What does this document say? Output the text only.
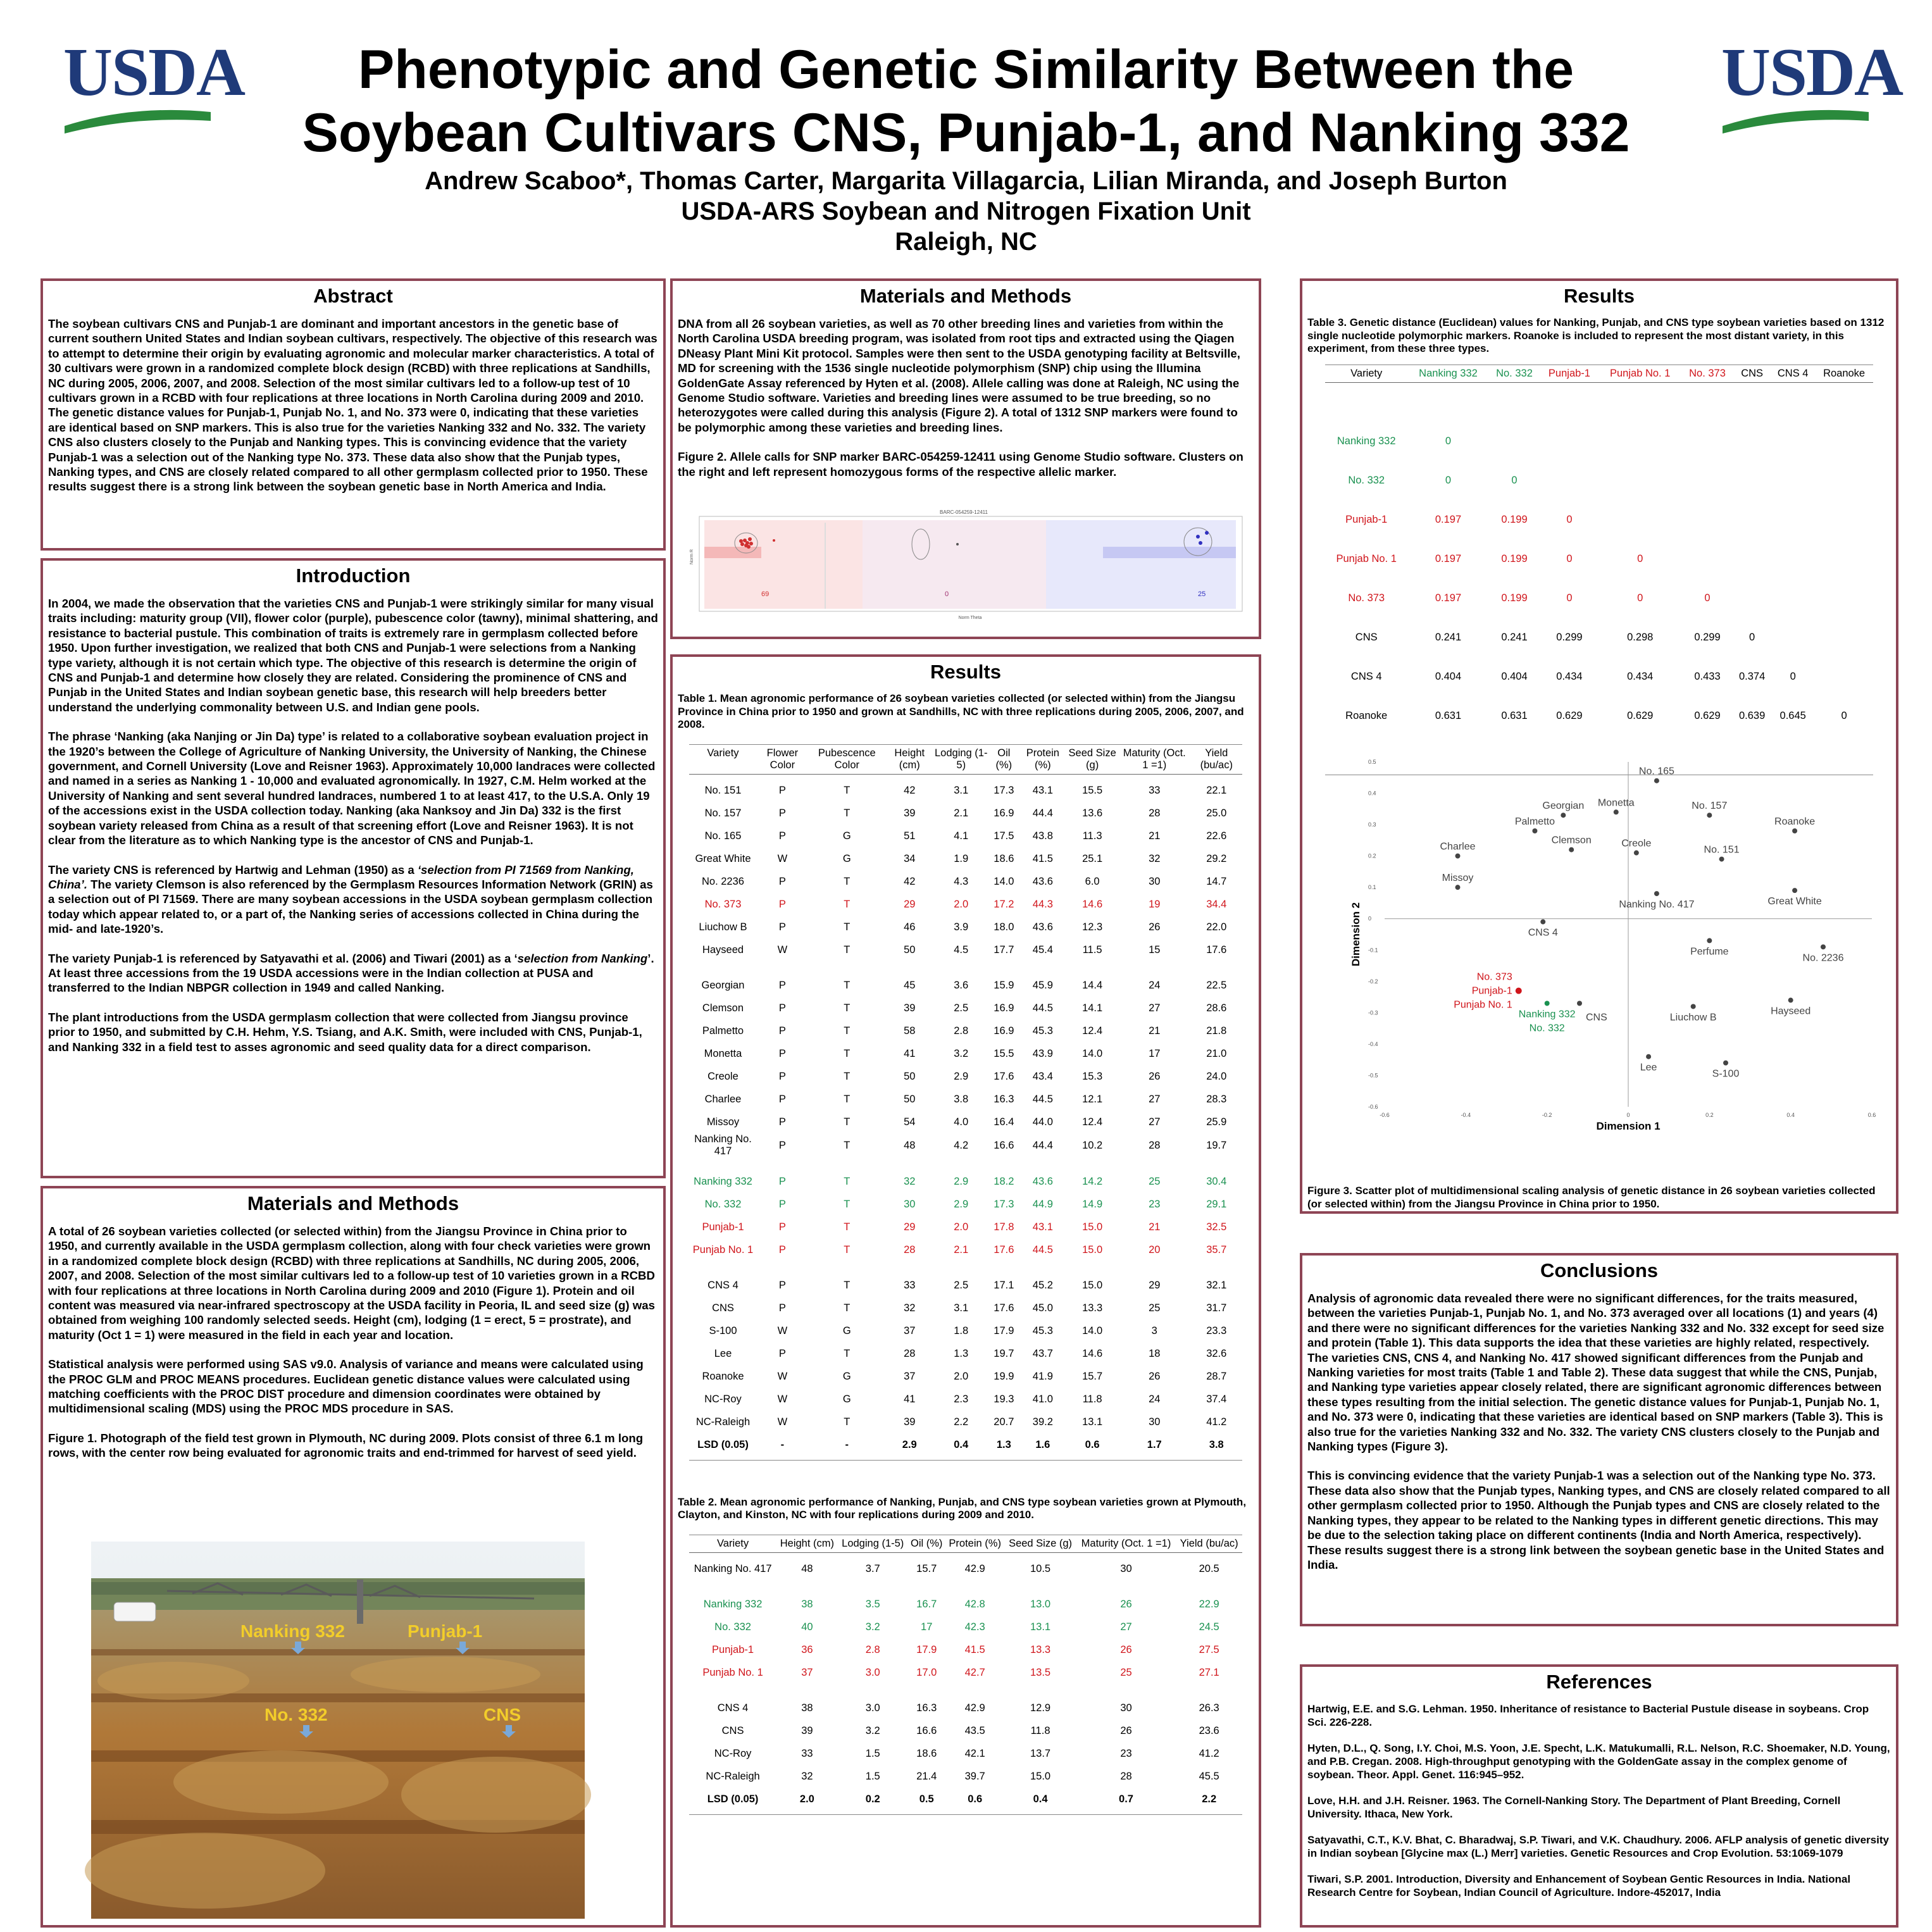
USDA	USDA
Phenotypic and Genetic Similarity Between the
Soybean Cultivars CNS, Punjab-1, and Nanking 332
Andrew Scaboo*, Thomas Carter, Margarita Villagarcia, Lilian Miranda, and Joseph Burton
USDA-ARS Soybean and Nitrogen Fixation Unit
Raleigh, NC
Abstract
The soybean cultivars CNS and Punjab-1 are dominant and important ancestors in the genetic base of current southern United States and Indian soybean cultivars, respectively. The objective of this research was to attempt to determine their origin by evaluating agronomic and molecular marker characteristics. A total of 30 cultivars were grown in a randomized complete block design (RCBD) with three replications at Sandhills, NC during 2005, 2006, 2007, and 2008. Selection of the most similar cultivars led to a follow-up test of 10 cultivars grown in a RCBD with four replications at three locations in North Carolina during 2009 and 2010. The genetic distance values for Punjab-1, Punjab No. 1, and No. 373 were 0, indicating that these varieties are identical based on SNP markers. This is also true for the varieties Nanking 332 and No. 332. The variety CNS also clusters closely to the Punjab and Nanking types. This is convincing evidence that the variety Punjab-1 was a selection out of the Nanking type No. 373. These data also show that the Punjab types, Nanking types, and CNS are closely related compared to all other germplasm collected prior to 1950. These results suggest there is a strong link between the soybean genetic base in North America and India.
Introduction

In 2004, we made the observation that the varieties CNS and Punjab-1 were strikingly similar for many visual traits including: maturity group (VII), flower color (purple), pubescence color (tawny), minimal shattering, and resistance to bacterial pustule. This combination of traits is extremely rare in germplasm collected before 1950. Upon further investigation, we realized that both CNS and Punjab-1 were selections from a Nanking type variety, although it is not certain which type. The objective of this research is determine the origin of CNS and Punjab-1 and determine how closely they are related. Considering the prominence of CNS and Punjab in the United States and Indian soybean genetic base, this research will help breeders better understand the underlying commonality between U.S. and Indian gene pools.

The phrase ‘Nanking (aka Nanjing or Jin Da) type’ is related to a collaborative soybean evaluation project in the 1920’s between the College of Agriculture of Nanking University, the University of Nanking, the Chinese government, and Cornell University (Love and Reisner 1963). Approximately 10,000 landraces were collected and named in a series as Nanking 1 - 10,000 and evaluated agronomically. In 1927, C.M. Helm worked at the University of Nanking and sent several hundred landraces, numbered 1 to at least 417, to the U.S.A. Only 19 of the accessions exist in the USDA collection today. Nanking (aka Nanksoy and Jin Da) 332 is the first soybean variety released from China as a result of that screening effort (Love and Reisner 1963). It is not clear from the literature as to which Nanking type is the ancestor of CNS and Punjab-1.

The variety CNS is referenced by Hartwig and Lehman (1950) as a ‘selection from PI 71569 from Nanking, China’. The variety Clemson is also referenced by the Germplasm Resources Information Network (GRIN) as a selection out of PI 71569. There are many soybean accessions in the USDA soybean germplasm collection today which appear related to, or a part of, the Nanking series of accessions collected in China during the mid- and late-1920’s.

The variety Punjab-1 is referenced by Satyavathi et al. (2006) and Tiwari (2001) as a ‘selection from Nanking’. At least three accessions from the 19 USDA accessions were in the Indian collection at PUSA and transferred to the Indian NBPGR collection in 1949 and called Nanking.

The plant introductions from the USDA germplasm collection that were collected from Jiangsu province prior to 1950, and submitted by C.H. Hehm, Y.S. Tsiang, and A.K. Smith, were included with CNS, Punjab-1, and Nanking 332 in a field test to asses agronomic and seed quality data for a direct comparison.

Materials and Methods

A total of 26 soybean varieties collected (or selected within) from the Jiangsu Province in China prior to 1950, and currently available in the USDA germplasm collection, along with four check varieties were grown in a randomized complete block design (RCBD) with three replications at Sandhills, NC during 2005, 2006, 2007, and 2008. Selection of the most similar cultivars led to a follow-up test of 10 varieties grown in a RCBD with four replications at three locations in North Carolina during 2009 and 2010 (Figure 1). Protein and oil content was measured via near-infrared spectroscopy at the USDA facility in Peoria, IL and seed size (g) was obtained from weighing 100 randomly selected seeds. Height (cm), lodging (1 = erect, 5 = prostrate), and maturity (Oct 1 = 1) were measured in the field in each year and location.

Statistical analysis were performed using SAS v9.0. Analysis of variance and means were calculated using the PROC GLM and PROC MEANS procedures. Euclidean genetic distance values were calculated using matching coefficients with the PROC DIST procedure and dimension coordinates were obtained by multidimensional scaling (MDS) using the PROC MDS procedure in SAS.

Figure 1. Photograph of the field test grown in Plymouth, NC during 2009. Plots consist of three 6.1 m long rows, with the center row being evaluated for agronomic traits and end-trimmed for harvest of seed yield.

Nanking 332	Punjab-1
No. 332	CNS
Materials and Methods

DNA from all 26 soybean varieties, as well as 70 other breeding lines and varieties from within the North Carolina USDA breeding program, was isolated from root tips and extracted using the Qiagen DNeasy Plant Mini Kit protocol. Samples were then sent to the USDA genotyping facility at Beltsville, MD for screening with the 1536 single nucleotide polymorphism (SNP) chip using the Illumina GoldenGate Assay referenced by Hyten et al. (2008). Allele calling was done at Raleigh, NC using the Genome Studio software. Varieties and breeding lines were assumed to be true breeding, so no heterozygotes were called during this analysis (Figure 2). A total of 1312 SNP markers were found to be polymorphic among these varieties and breeding lines.

Figure 2. Allele calls for SNP marker BARC-054259-12411 using Genome Studio software. Clusters on the right and left represent homozygous forms of the respective allelic marker.

BARC-054259-12411
69	0	25
Norm Theta
Norm R
Results
Table 1. Mean agronomic performance of 26 soybean varieties collected (or selected within) from the Jiangsu Province in China prior to 1950 and grown at Sandhills, NC with three replications during 2005, 2006, 2007, and 2008.
Variety	Flower Color	Pubescence Color	Height (cm)	Lodging (1-5)	Oil (%)	Protein (%)	Seed Size (g)	Maturity (Oct. 1 =1)	Yield (bu/ac)

No. 151	P	T	42	3.1	17.3	43.1	15.5	33	22.1
No. 157	P	T	39	2.1	16.9	44.4	13.6	28	25.0
No. 165	P	G	51	4.1	17.5	43.8	11.3	21	22.6
Great White	W	G	34	1.9	18.6	41.5	25.1	32	29.2
No. 2236	P	T	42	4.3	14.0	43.6	6.0	30	14.7
No. 373	P	T	29	2.0	17.2	44.3	14.6	19	34.4
Liuchow B	P	T	46	3.9	18.0	43.6	12.3	26	22.0
Hayseed	W	T	50	4.5	17.7	45.4	11.5	15	17.6

Georgian	P	T	45	3.6	15.9	45.9	14.4	24	22.5
Clemson	P	T	39	2.5	16.9	44.5	14.1	27	28.6
Palmetto	P	T	58	2.8	16.9	45.3	12.4	21	21.8
Monetta	P	T	41	3.2	15.5	43.9	14.0	17	21.0
Creole	P	T	50	2.9	17.6	43.4	15.3	26	24.0
Charlee	P	T	50	3.8	16.3	44.5	12.1	27	28.3
Missoy	P	T	54	4.0	16.4	44.0	12.4	27	25.9
Nanking No. 417	P	T	48	4.2	16.6	44.4	10.2	28	19.7

Nanking 332	P	T	32	2.9	18.2	43.6	14.2	25	30.4
No. 332	P	T	30	2.9	17.3	44.9	14.9	23	29.1
Punjab-1	P	T	29	2.0	17.8	43.1	15.0	21	32.5
Punjab No. 1	P	T	28	2.1	17.6	44.5	15.0	20	35.7

CNS 4	P	T	33	2.5	17.1	45.2	15.0	29	32.1
CNS	P	T	32	3.1	17.6	45.0	13.3	25	31.7
S-100	W	G	37	1.8	17.9	45.3	14.0	3	23.3
Lee	P	T	28	1.3	19.7	43.7	14.6	18	32.6
Roanoke	W	G	37	2.0	19.9	41.9	15.7	26	28.7
NC-Roy	W	G	41	2.3	19.3	41.0	11.8	24	37.4
NC-Raleigh	W	T	39	2.2	20.7	39.2	13.1	30	41.2
LSD (0.05)	-	-	2.9	0.4	1.3	1.6	0.6	1.7	3.8

Table 2. Mean agronomic performance of Nanking, Punjab, and CNS type soybean varieties grown at Plymouth, Clayton, and Kinston, NC with four replications during 2009 and 2010.
Variety	Height (cm)	Lodging (1-5)	Oil (%)	Protein (%)	Seed Size (g)	Maturity (Oct. 1 =1)	Yield (bu/ac)

Nanking No. 417	48	3.7	15.7	42.9	10.5	30	20.5

Nanking 332	38	3.5	16.7	42.8	13.0	26	22.9
No. 332	40	3.2	17	42.3	13.1	27	24.5
Punjab-1	36	2.8	17.9	41.5	13.3	26	27.5
Punjab No. 1	37	3.0	17.0	42.7	13.5	25	27.1

CNS 4	38	3.0	16.3	42.9	12.9	30	26.3
CNS	39	3.2	16.6	43.5	11.8	26	23.6
NC-Roy	33	1.5	18.6	42.1	13.7	23	41.2
NC-Raleigh	32	1.5	21.4	39.7	15.0	28	45.5
LSD (0.05)	2.0	0.2	0.5	0.6	0.4	0.7	2.2

Results
Table 3. Genetic distance (Euclidean) values for Nanking, Punjab, and CNS type soybean varieties based on 1312 single nucleotide polymorphic markers. Roanoke is included to represent the most distant variety, in this experiment, from these three types.
Variety	Nanking 332	No. 332	Punjab-1	Punjab No. 1	No. 373	CNS	CNS 4	Roanoke

Nanking 332	0							
No. 332	0	0						
Punjab-1	0.197	0.199	0					
Punjab No. 1	0.197	0.199	0	0				
No. 373	0.197	0.199	0	0	0			
CNS	0.241	0.241	0.299	0.298	0.299	0		
CNS 4	0.404	0.404	0.434	0.434	0.433	0.374	0	
Roanoke	0.631	0.631	0.629	0.629	0.629	0.639	0.645	0

0.5
0.4
0.3
0.2
0.1
0
-0.1
-0.2
-0.3
-0.4
-0.5
-0.6
-0.6	-0.4	-0.2	0	0.2	0.4	0.6
Dimension 1
Dimension 2
No. 165
No. 157
Roanoke
Georgian Monetta
Palmetto
Clemson	Creole
No. 151
Charlee
Missoy
Nanking No. 417	Great White
CNS 4
Perfume
No. 2236
Punjab-1
No. 373
Punjab No. 1
Nanking 332
No. 332
CNS	Liuchow B
Hayseed
Lee
S-100
Figure 3. Scatter plot of multidimensional scaling analysis of genetic distance in 26 soybean varieties collected (or selected within) from the Jiangsu Province in China prior to 1950.
Conclusions

Analysis of agronomic data revealed there were no significant differences, for the traits measured, between the varieties Punjab-1, Punjab No. 1, and No. 373 averaged over all locations (1) and years (4) and there were no significant differences for the varieties Nanking 332 and No. 332 except for seed size and protein (Table 1). This data supports the idea that these varieties are highly related, respectively. The varieties CNS, CNS 4, and Nanking No. 417 showed significant differences from the Punjab and Nanking varieties for most traits (Table 1 and Table 2). These data suggest that while the CNS, Punjab, and Nanking type varieties appear closely related, there are significant agronomic differences between these types resulting from the initial selection. The genetic distance values for Punjab-1, Punjab No. 1, and No. 373 were 0, indicating that these varieties are identical based on SNP markers (Table 3). This is also true for the varieties Nanking 332 and No. 332. The variety CNS clusters closely to the Punjab and Nanking types (Figure 3).

This is convincing evidence that the variety Punjab-1 was a selection out of the Nanking type No. 373. These data also show that the Punjab types, Nanking types, and CNS are closely related compared to all other germplasm collected prior to 1950. Although the Punjab types and CNS are closely related to the Nanking types, they appear to be related to the Nanking types in different genetic directions. This may be due to the selection taking place on different continents (India and North America, respectively). These results suggest there is a strong link between the soybean genetic base in the United States and India.

References

Hartwig, E.E. and S.G. Lehman. 1950. Inheritance of resistance to Bacterial Pustule disease in soybeans. Crop Sci. 226-228.

Hyten, D.L., Q. Song, I.Y. Choi, M.S. Yoon, J.E. Specht, L.K. Matukumalli, R.L. Nelson, R.C. Shoemaker, N.D. Young, and P.B. Cregan. 2008. High-throughput genotyping with the GoldenGate assay in the complex genome of soybean. Theor. Appl. Genet. 116:945–952.

Love, H.H. and J.H. Reisner. 1963. The Cornell-Nanking Story. The Department of Plant Breeding, Cornell University. Ithaca, New York.

Satyavathi, C.T., K.V. Bhat, C. Bharadwaj, S.P. Tiwari, and V.K. Chaudhury. 2006. AFLP analysis of genetic diversity in Indian soybean [Glycine max (L.) Merr] varieties. Genetic Resources and Crop Evolution. 53:1069-1079

Tiwari, S.P. 2001. Introduction, Diversity and Enhancement of Soybean Gentic Resources in India. National Research Centre for Soybean, Indian Council of Agriculture. Indore-452017, India
